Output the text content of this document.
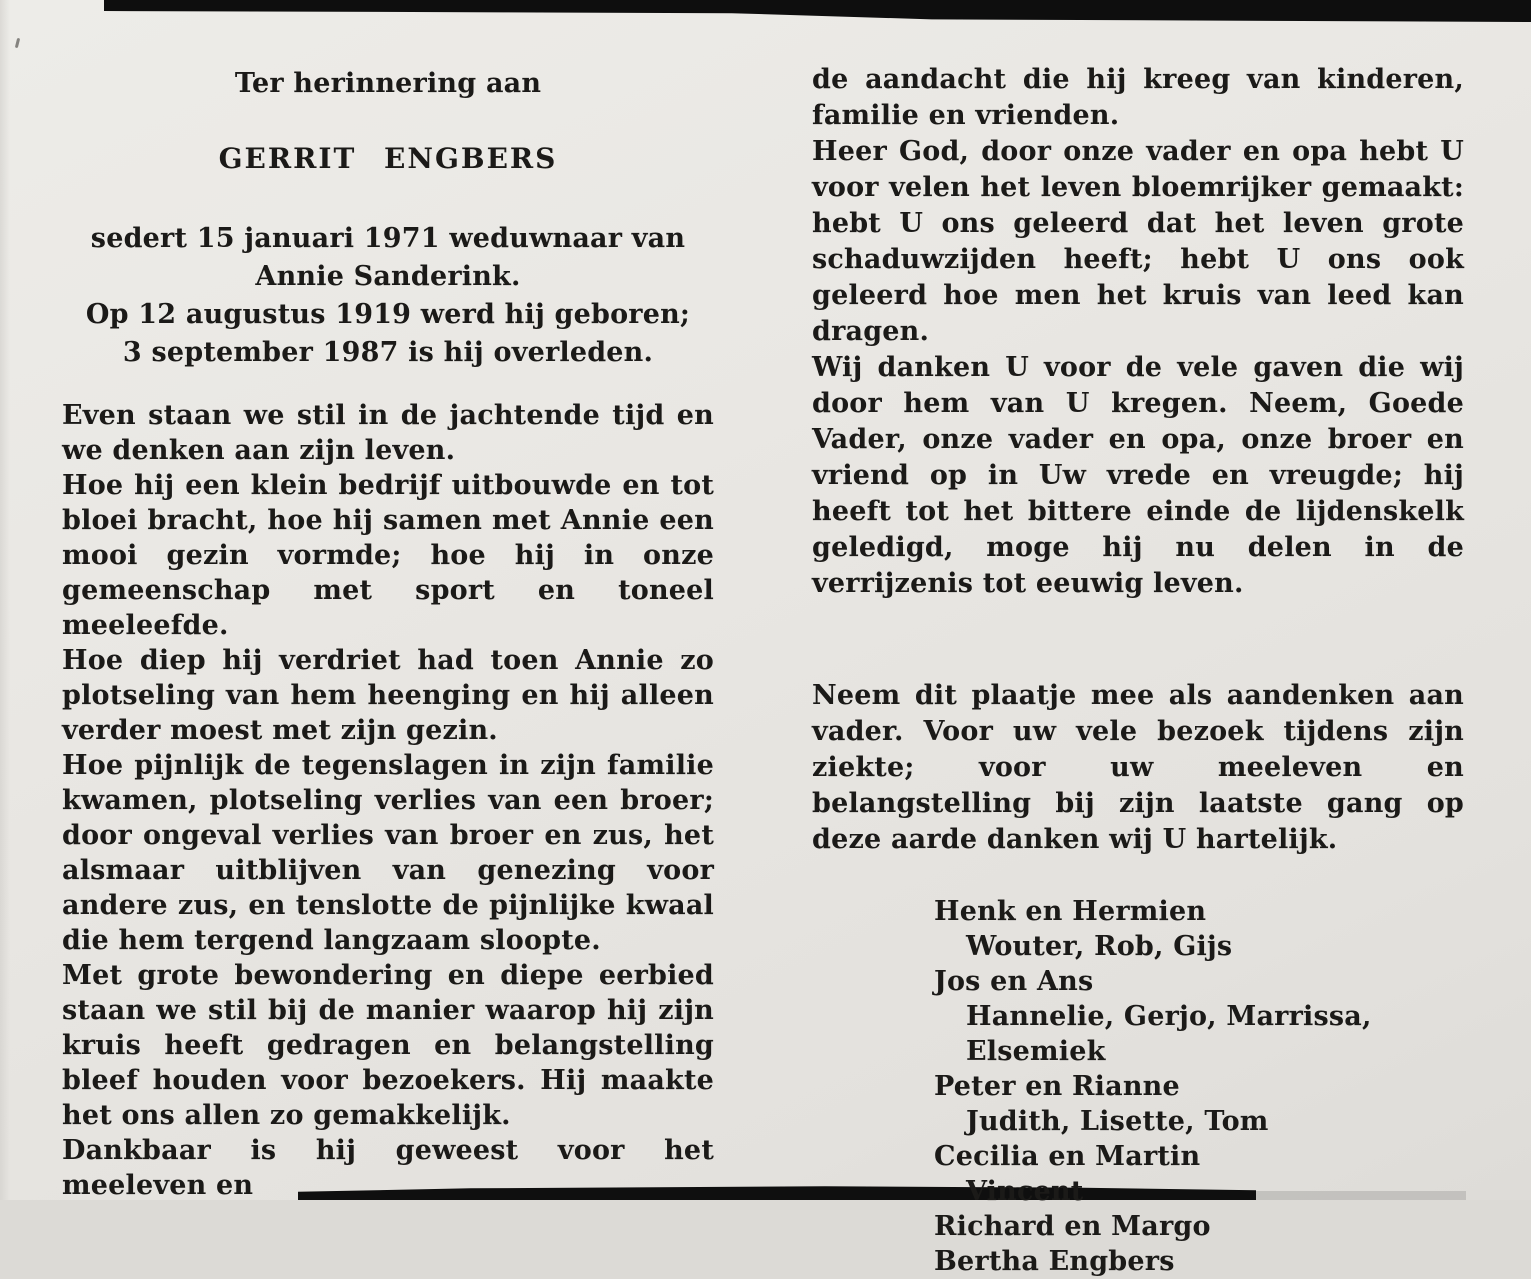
Ter herinnering aan

GERRIT ENGBERS

sedert 15 januari 1971 weduwnaar van

Annie Sanderink.

Op 12 augustus 1919 werd hij geboren;

3 september 1987 is hij overleden.

Even staan we stil in de jachtende tijd en we denken aan zijn leven.

Hoe hij een klein bedrijf uitbouwde en tot bloei bracht, hoe hij samen met Annie een mooi gezin vormde; hoe hij in onze gemeenschap met sport en toneel meeleefde.

Hoe diep hij verdriet had toen Annie zo plotseling van hem heenging en hij alleen verder moest met zijn gezin.

Hoe pijnlijk de tegenslagen in zijn familie kwamen, plotseling verlies van een broer; door ongeval verlies van broer en zus, het alsmaar uitblijven van genezing voor andere zus, en tenslotte de pijnlijke kwaal die hem tergend langzaam sloopte.

Met grote bewondering en diepe eerbied staan we stil bij de manier waarop hij zijn kruis heeft gedragen en belangstelling bleef houden voor bezoekers. Hij maakte het ons allen zo gemakkelijk.

Dankbaar is hij geweest voor het meeleven en

de aandacht die hij kreeg van kinderen, familie en vrienden.

Heer God, door onze vader en opa hebt U voor velen het leven bloemrijker gemaakt: hebt U ons geleerd dat het leven grote schaduwzijden heeft; hebt U ons ook geleerd hoe men het kruis van leed kan dragen.

Wij danken U voor de vele gaven die wij door hem van U kregen. Neem, Goede Vader, onze vader en opa, onze broer en vriend op in Uw vrede en vreugde; hij heeft tot het bittere einde de lijdenskelk geledigd, moge hij nu delen in de verrijzenis tot eeuwig leven.

Neem dit plaatje mee als aandenken aan vader. Voor uw vele bezoek tijdens zijn ziekte; voor uw meeleven en belangstelling bij zijn laatste gang op deze aarde danken wij U hartelijk.

Henk en Hermien
Wouter, Rob, Gijs
Jos en Ans
Hannelie, Gerjo, Marrissa, Elsemiek
Peter en Rianne
Judith, Lisette, Tom
Cecilia en Martin
Vincent
Richard en Margo
Bertha Engbers
